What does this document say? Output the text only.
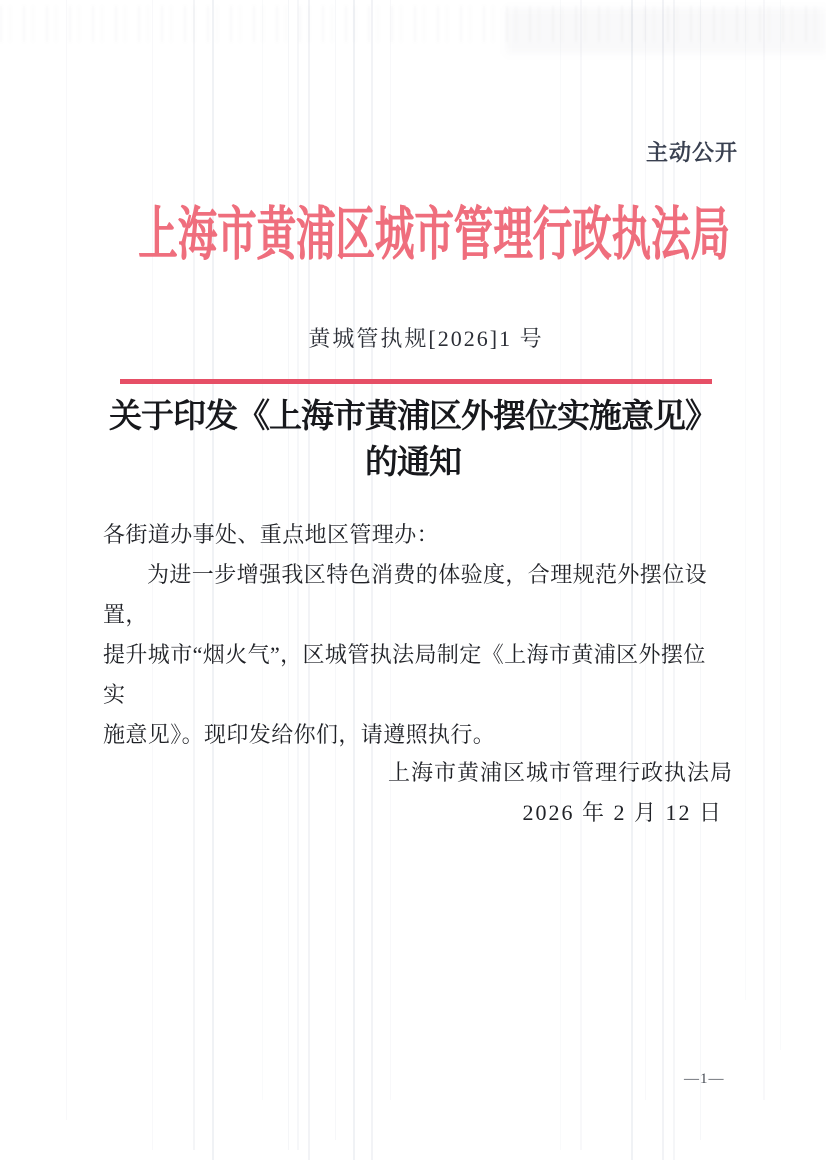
主动公开
上海市黄浦区城市管理行政执法局
黄城管执规[2026]1 号
关于印发《上海市黄浦区外摆位实施意见》
的通知
各街道办事处、重点地区管理办：
为进一步增强我区特色消费的体验度，合理规范外摆位设置，
提升城市“烟火气”，区城管执法局制定《上海市黄浦区外摆位实
施意见》。现印发给你们，请遵照执行。
上海市黄浦区城市管理行政执法局
2026 年 2 月 12 日
—1—
